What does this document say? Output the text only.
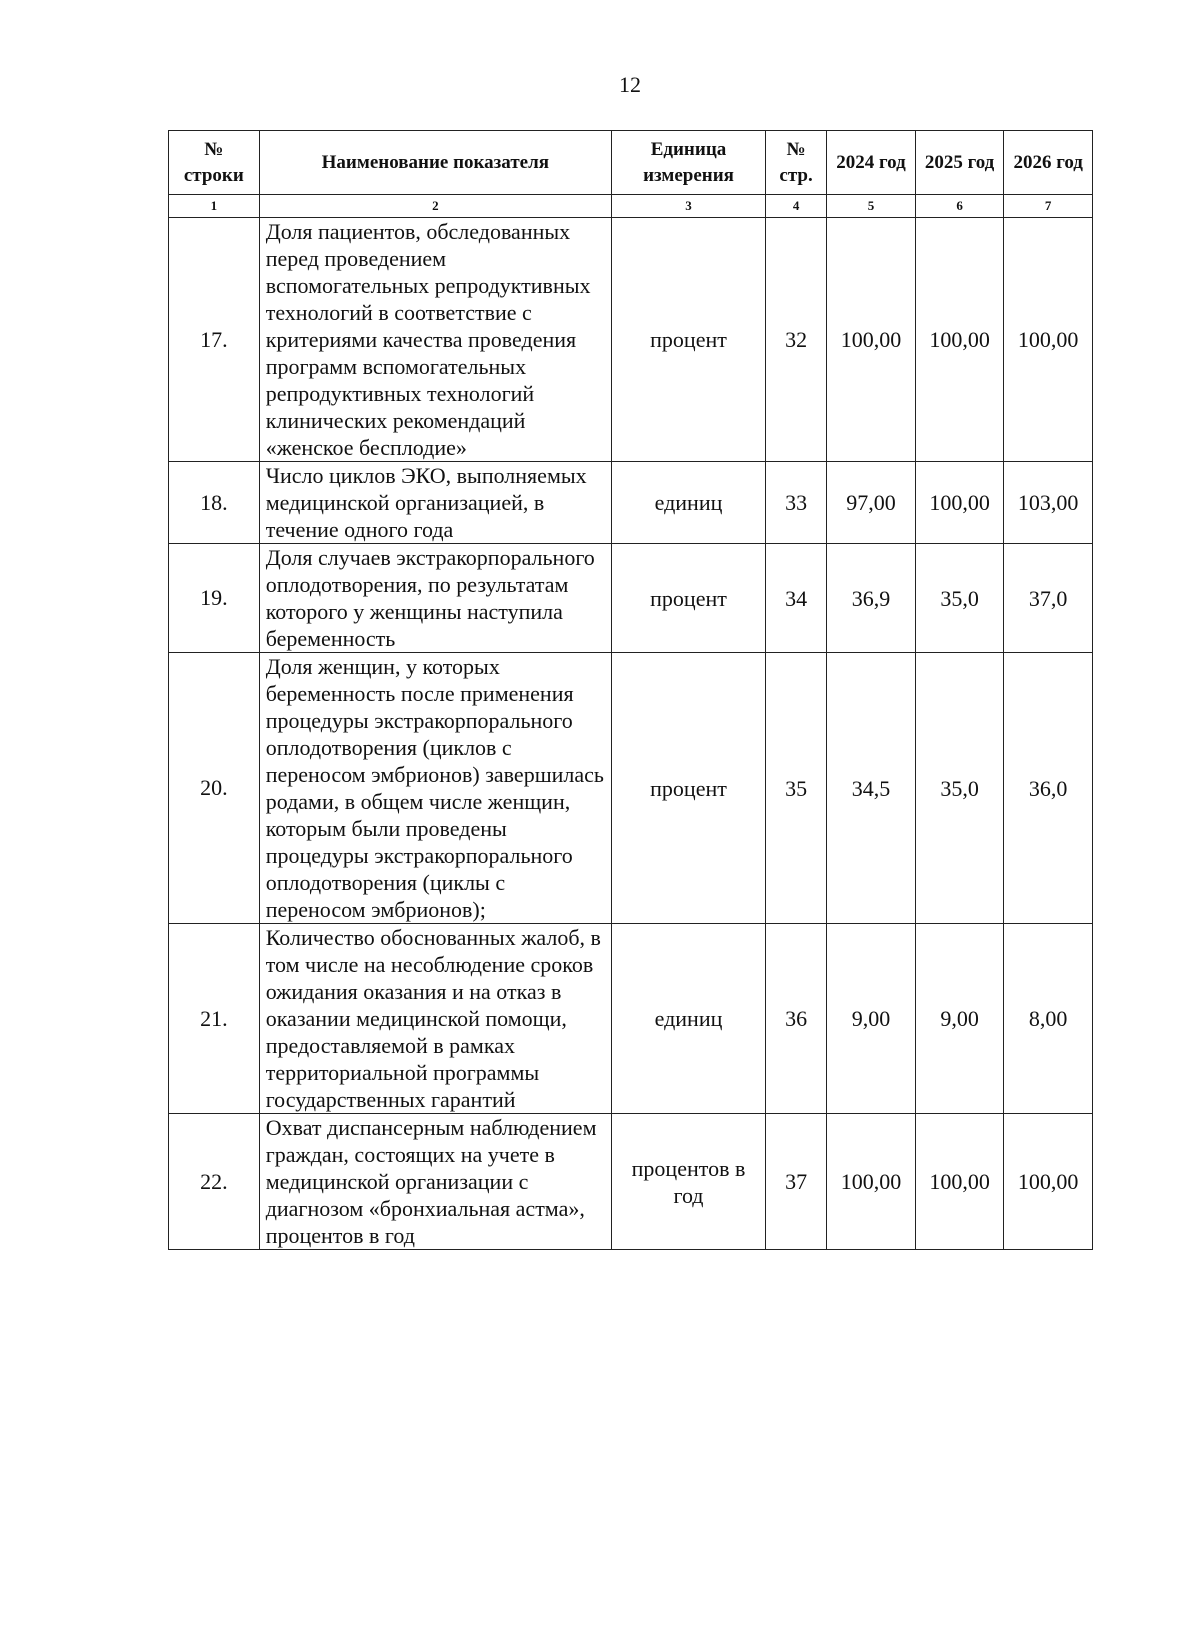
12
№ строки	Наименование показателя	Единица измерения	№ стр.	2024 год	2025 год	2026 год
1	2	3	4	5	6	7
17.	Доля пациентов, обследованных перед проведением вспомогательных репродуктивных технологий в соответствие с критериями качества проведения программ вспомогательных репродуктивных технологий клинических рекомендаций «женское бесплодие»	процент	32	100,00	100,00	100,00
18.	Число циклов ЭКО, выполняемых медицинской организацией, в течение одного года	единиц	33	97,00	100,00	103,00
19.	Доля случаев экстракорпорального оплодотворения, по результатам которого у женщины наступила беременность	процент	34	36,9	35,0	37,0
20.	Доля женщин, у которых беременность после применения процедуры экстракорпорального оплодотворения (циклов с переносом эмбрионов) завершилась родами, в общем числе женщин, которым были проведены процедуры экстракорпорального оплодотворения (циклы с переносом эмбрионов);	процент	35	34,5	35,0	36,0
21.	Количество обоснованных жалоб, в том числе на несоблюдение сроков ожидания оказания и на отказ в оказании медицинской помощи, предоставляемой в рамках территориальной программы государственных гарантий	единиц	36	9,00	9,00	8,00
22.	Охват диспансерным наблюдением граждан, состоящих на учете в медицинской организации с диагнозом «бронхиальная астма», процентов в год	процентов в год	37	100,00	100,00	100,00
